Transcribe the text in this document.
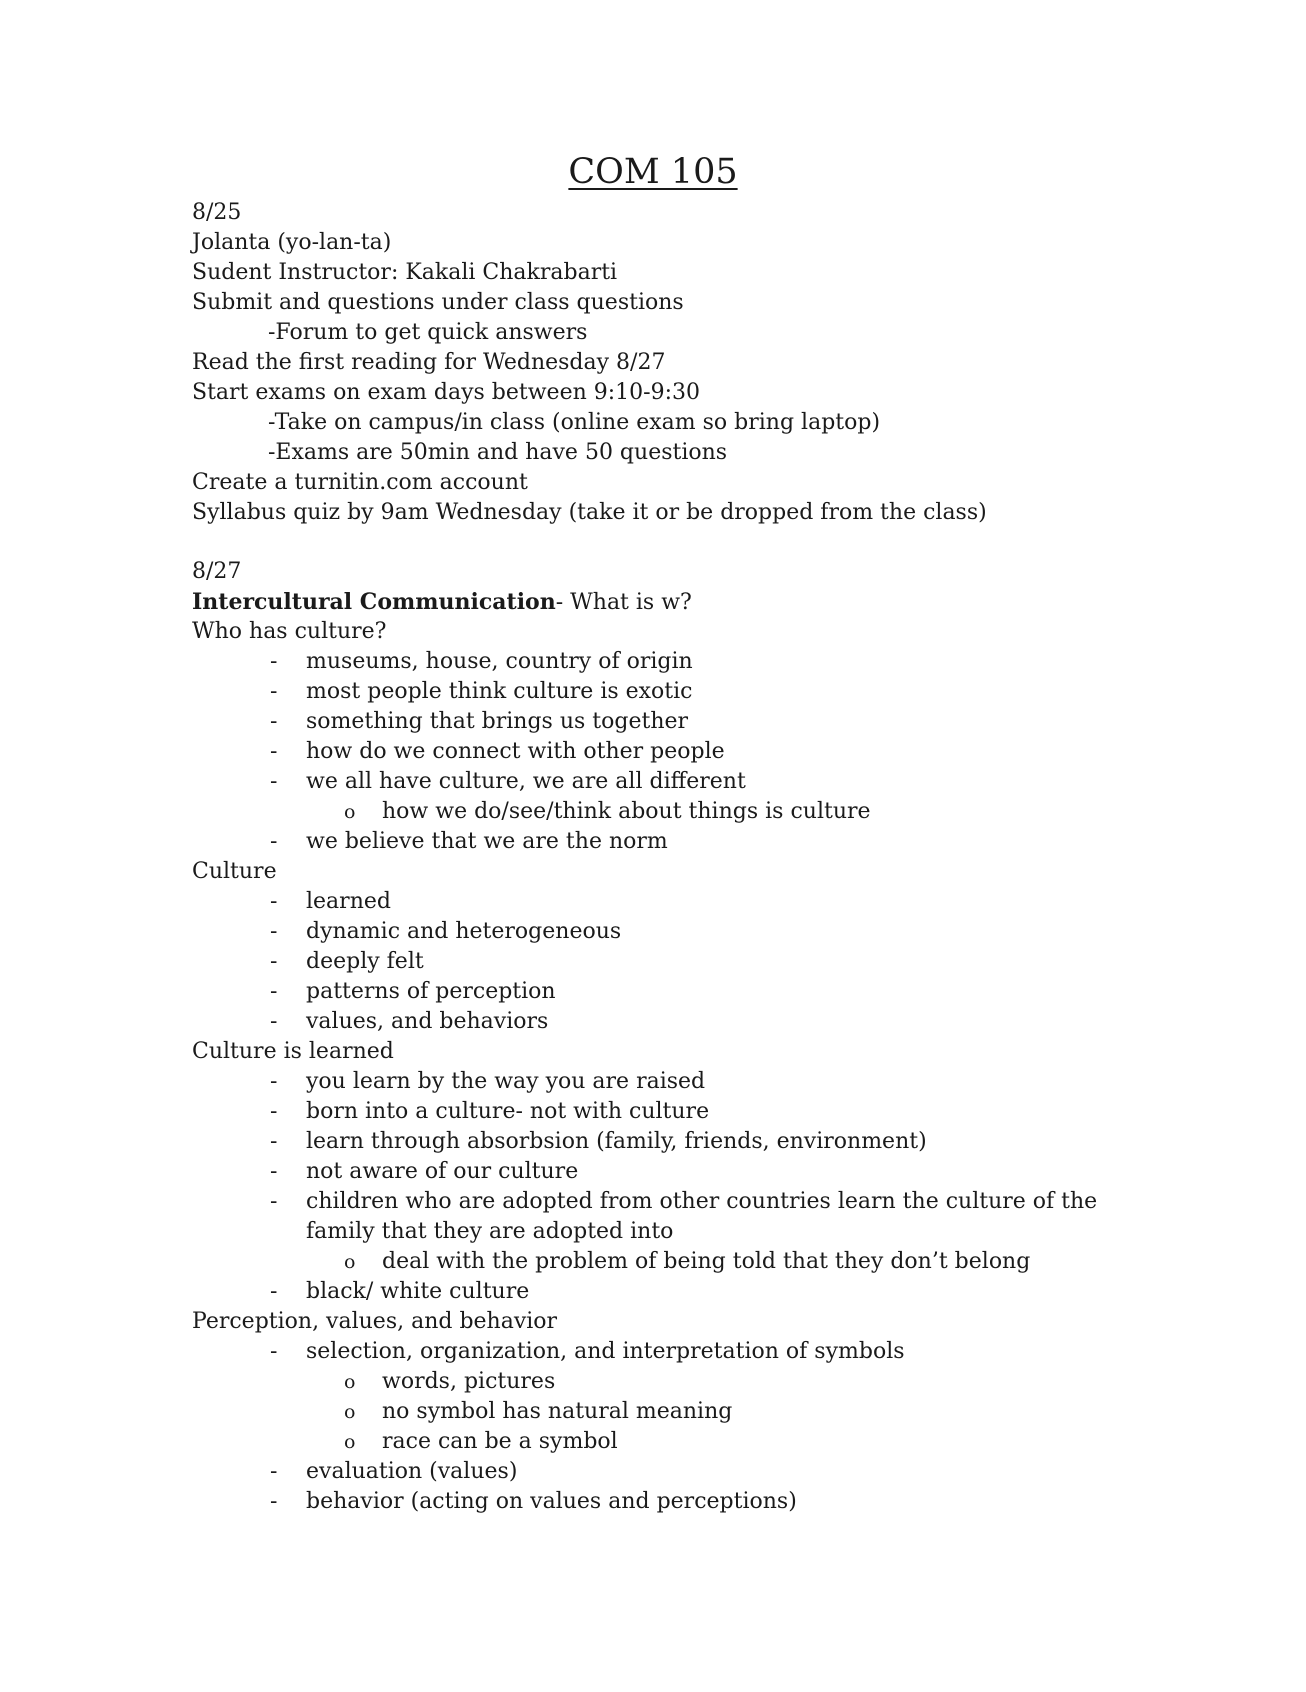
COM 105
8/25
Jolanta (yo-lan-ta)
Sudent Instructor: Kakali Chakrabarti
Submit and questions under class questions
-Forum to get quick answers
Read the first reading for Wednesday 8/27
Start exams on exam days between 9:10-9:30
-Take on campus/in class (online exam so bring laptop)
-Exams are 50min and have 50 questions
Create a turnitin.com account
Syllabus quiz by 9am Wednesday (take it or be dropped from the class)
8/27
Intercultural Communication- What is w?
Who has culture?
- museums, house, country of origin
- most people think culture is exotic
- something that brings us together
- how do we connect with other people
- we all have culture, we are all different
o how we do/see/think about things is culture
- we believe that we are the norm
Culture
- learned
- dynamic and heterogeneous
- deeply felt
- patterns of perception
- values, and behaviors
Culture is learned
- you learn by the way you are raised
- born into a culture- not with culture
- learn through absorbsion (family, friends, environment)
- not aware of our culture
- children who are adopted from other countries learn the culture of the
family that they are adopted into
o deal with the problem of being told that they don’t belong
- black/ white culture
Perception, values, and behavior
- selection, organization, and interpretation of symbols
o words, pictures
o no symbol has natural meaning
o race can be a symbol
- evaluation (values)
- behavior (acting on values and perceptions)
